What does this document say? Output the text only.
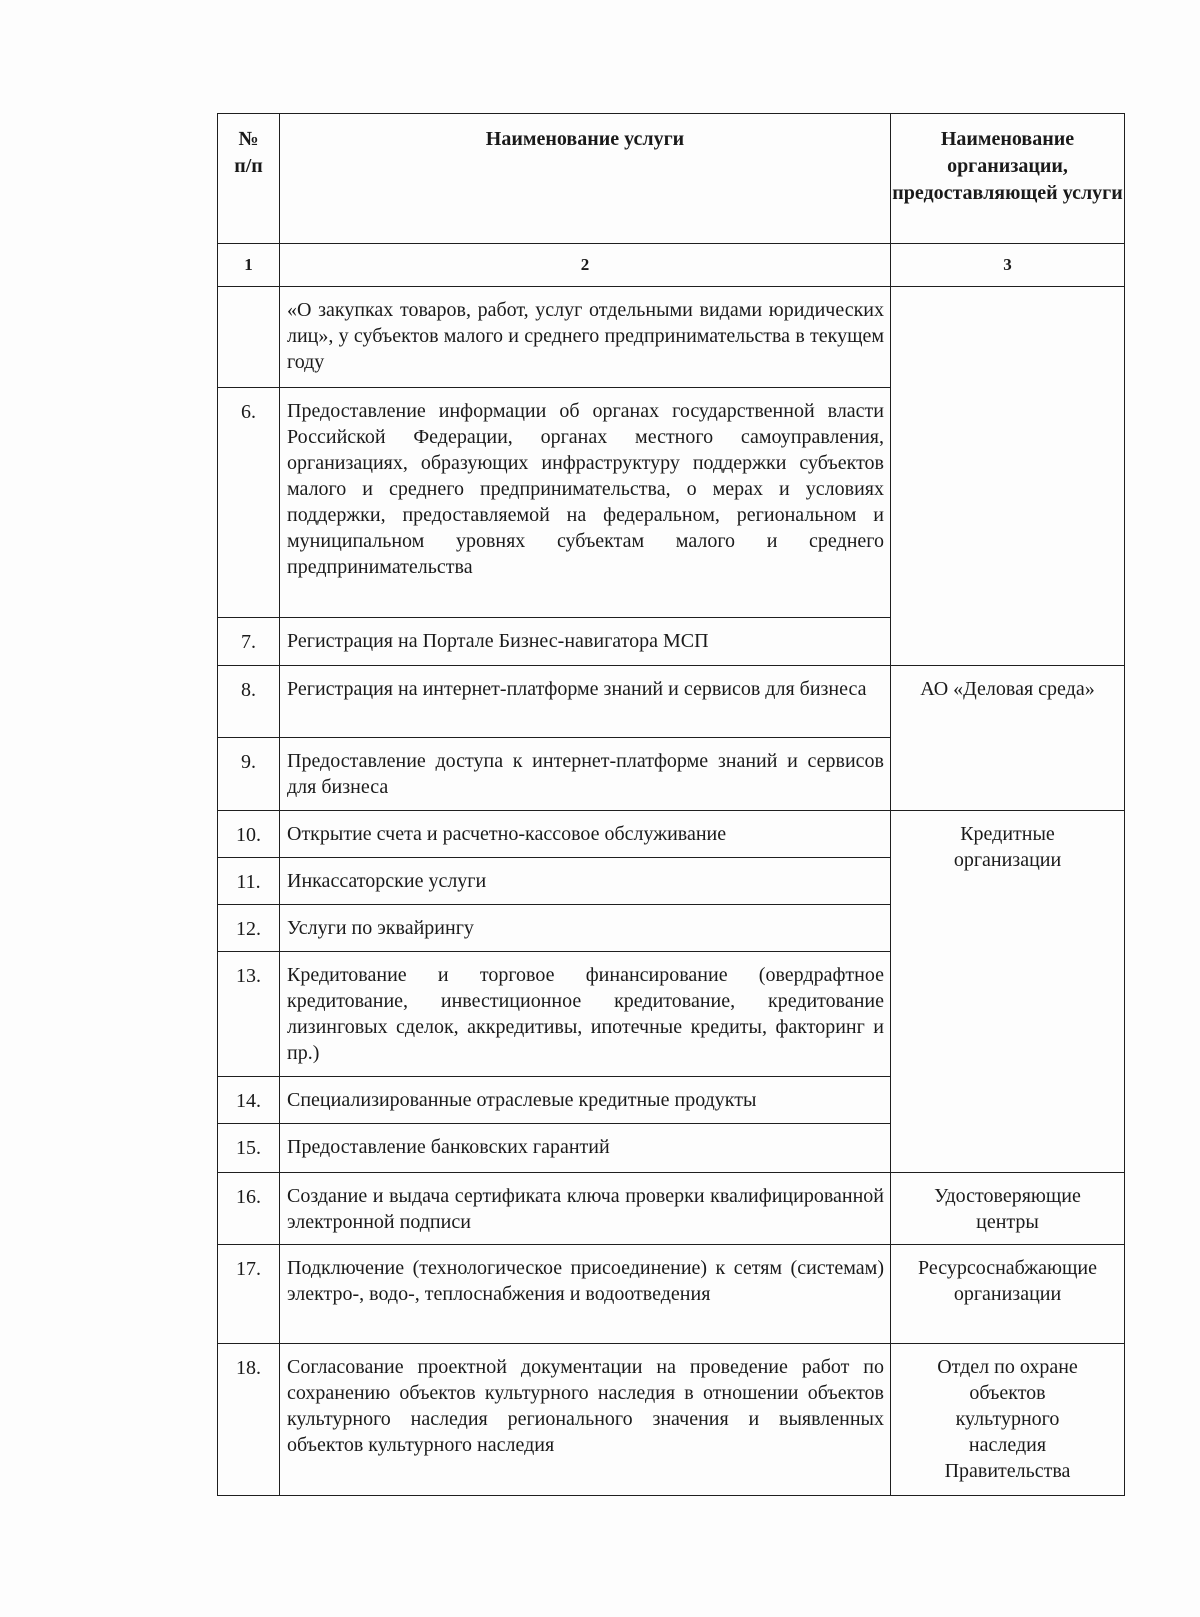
№ п/п	Наименование услуги	Наименование организации, предоставляющей услуги
1	2	3
	«О закупках товаров, работ, услуг отдельными видами юридических лиц», у субъектов малого и среднего предпринимательства в текущем году	
6.	Предоставление информации об органах государственной власти Российской Федерации, органах местного самоуправления, организациях, образующих инфраструктуру поддержки субъектов малого и среднего предпринимательства, о мерах и условиях поддержки, предоставляемой на федеральном, региональном и муниципальном уровнях субъектам малого и среднего предпринимательства	
7.	Регистрация на Портале Бизнес-навигатора МСП	
8.	Регистрация на интернет-платформе знаний и сервисов для бизнеса	АО «Деловая среда»
9.	Предоставление доступа к интернет-платформе знаний и сервисов для бизнеса	
10.	Открытие счета и расчетно-кассовое обслуживание	Кредитные организации
11.	Инкассаторские услуги	
12.	Услуги по эквайрингу	
13.	Кредитование и торговое финансирование (овердрафтное кредитование, инвестиционное кредитование, кредитование лизинговых сделок, аккредитивы, ипотечные кредиты, факторинг и пр.)	
14.	Специализированные отраслевые кредитные продукты	
15.	Предоставление банковских гарантий	
16.	Создание и выдача сертификата ключа проверки квалифицированной электронной подписи	Удостоверяющие центры
17.	Подключение (технологическое присоединение) к сетям (системам) электро-, водо-, теплоснабжения и водоотведения	Ресурсоснабжающие организации
18.	Согласование проектной документации на проведение работ по сохранению объектов культурного наследия в отношении объектов культурного наследия регионального значения и выявленных объектов культурного наследия	Отдел по охране объектов культурного наследия Правительства
